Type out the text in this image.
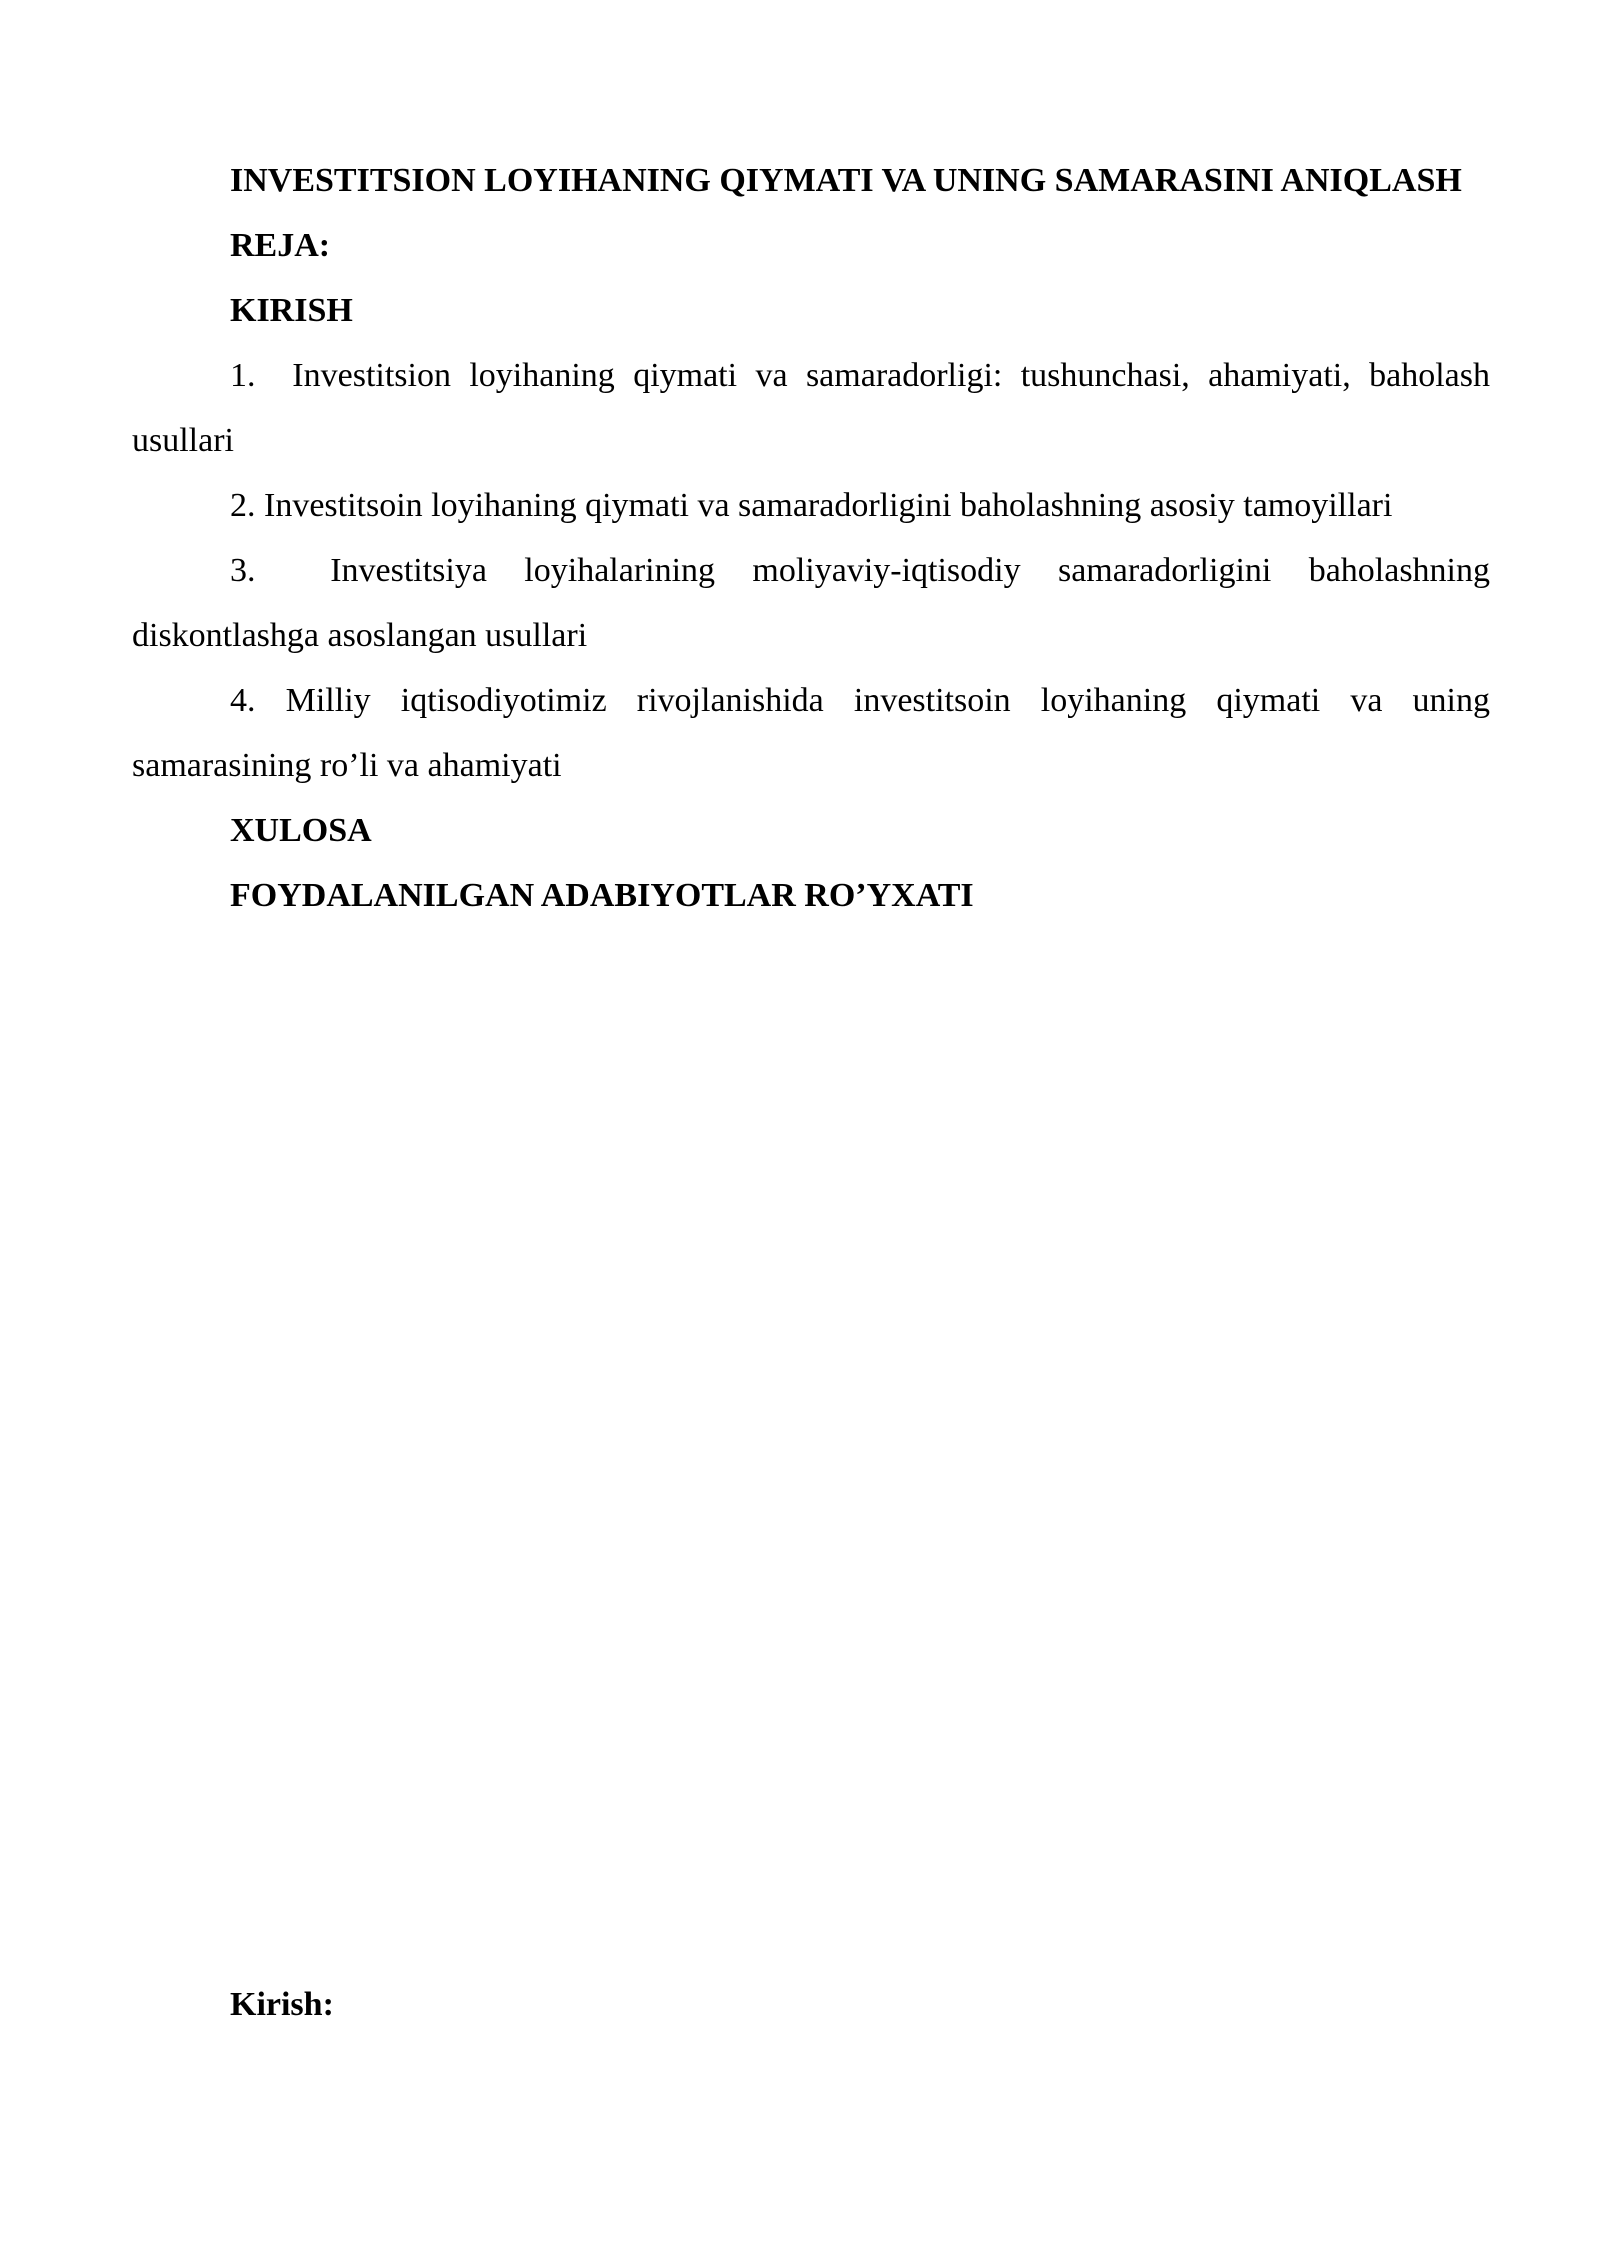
INVESTITSION LOYIHANING QIYMATI VA UNING SAMARASINI ANIQLASH

REJA:

KIRISH

1.  Investitsion loyihaning qiymati va samaradorligi: tushunchasi, ahamiyati, baholash usullari

2. Investitsoin loyihaning qiymati va samaradorligini baholashning asosiy tamoyillari

3.  Investitsiya loyihalarining moliyaviy-iqtisodiy samaradorligini baholashning diskontlashga asoslangan usullari

4. Milliy iqtisodiyotimiz rivojlanishida investitsoin loyihaning qiymati va uning samarasining ro’li va ahamiyati

XULOSA

FOYDALANILGAN ADABIYOTLAR RO’YXATI

Kirish:
